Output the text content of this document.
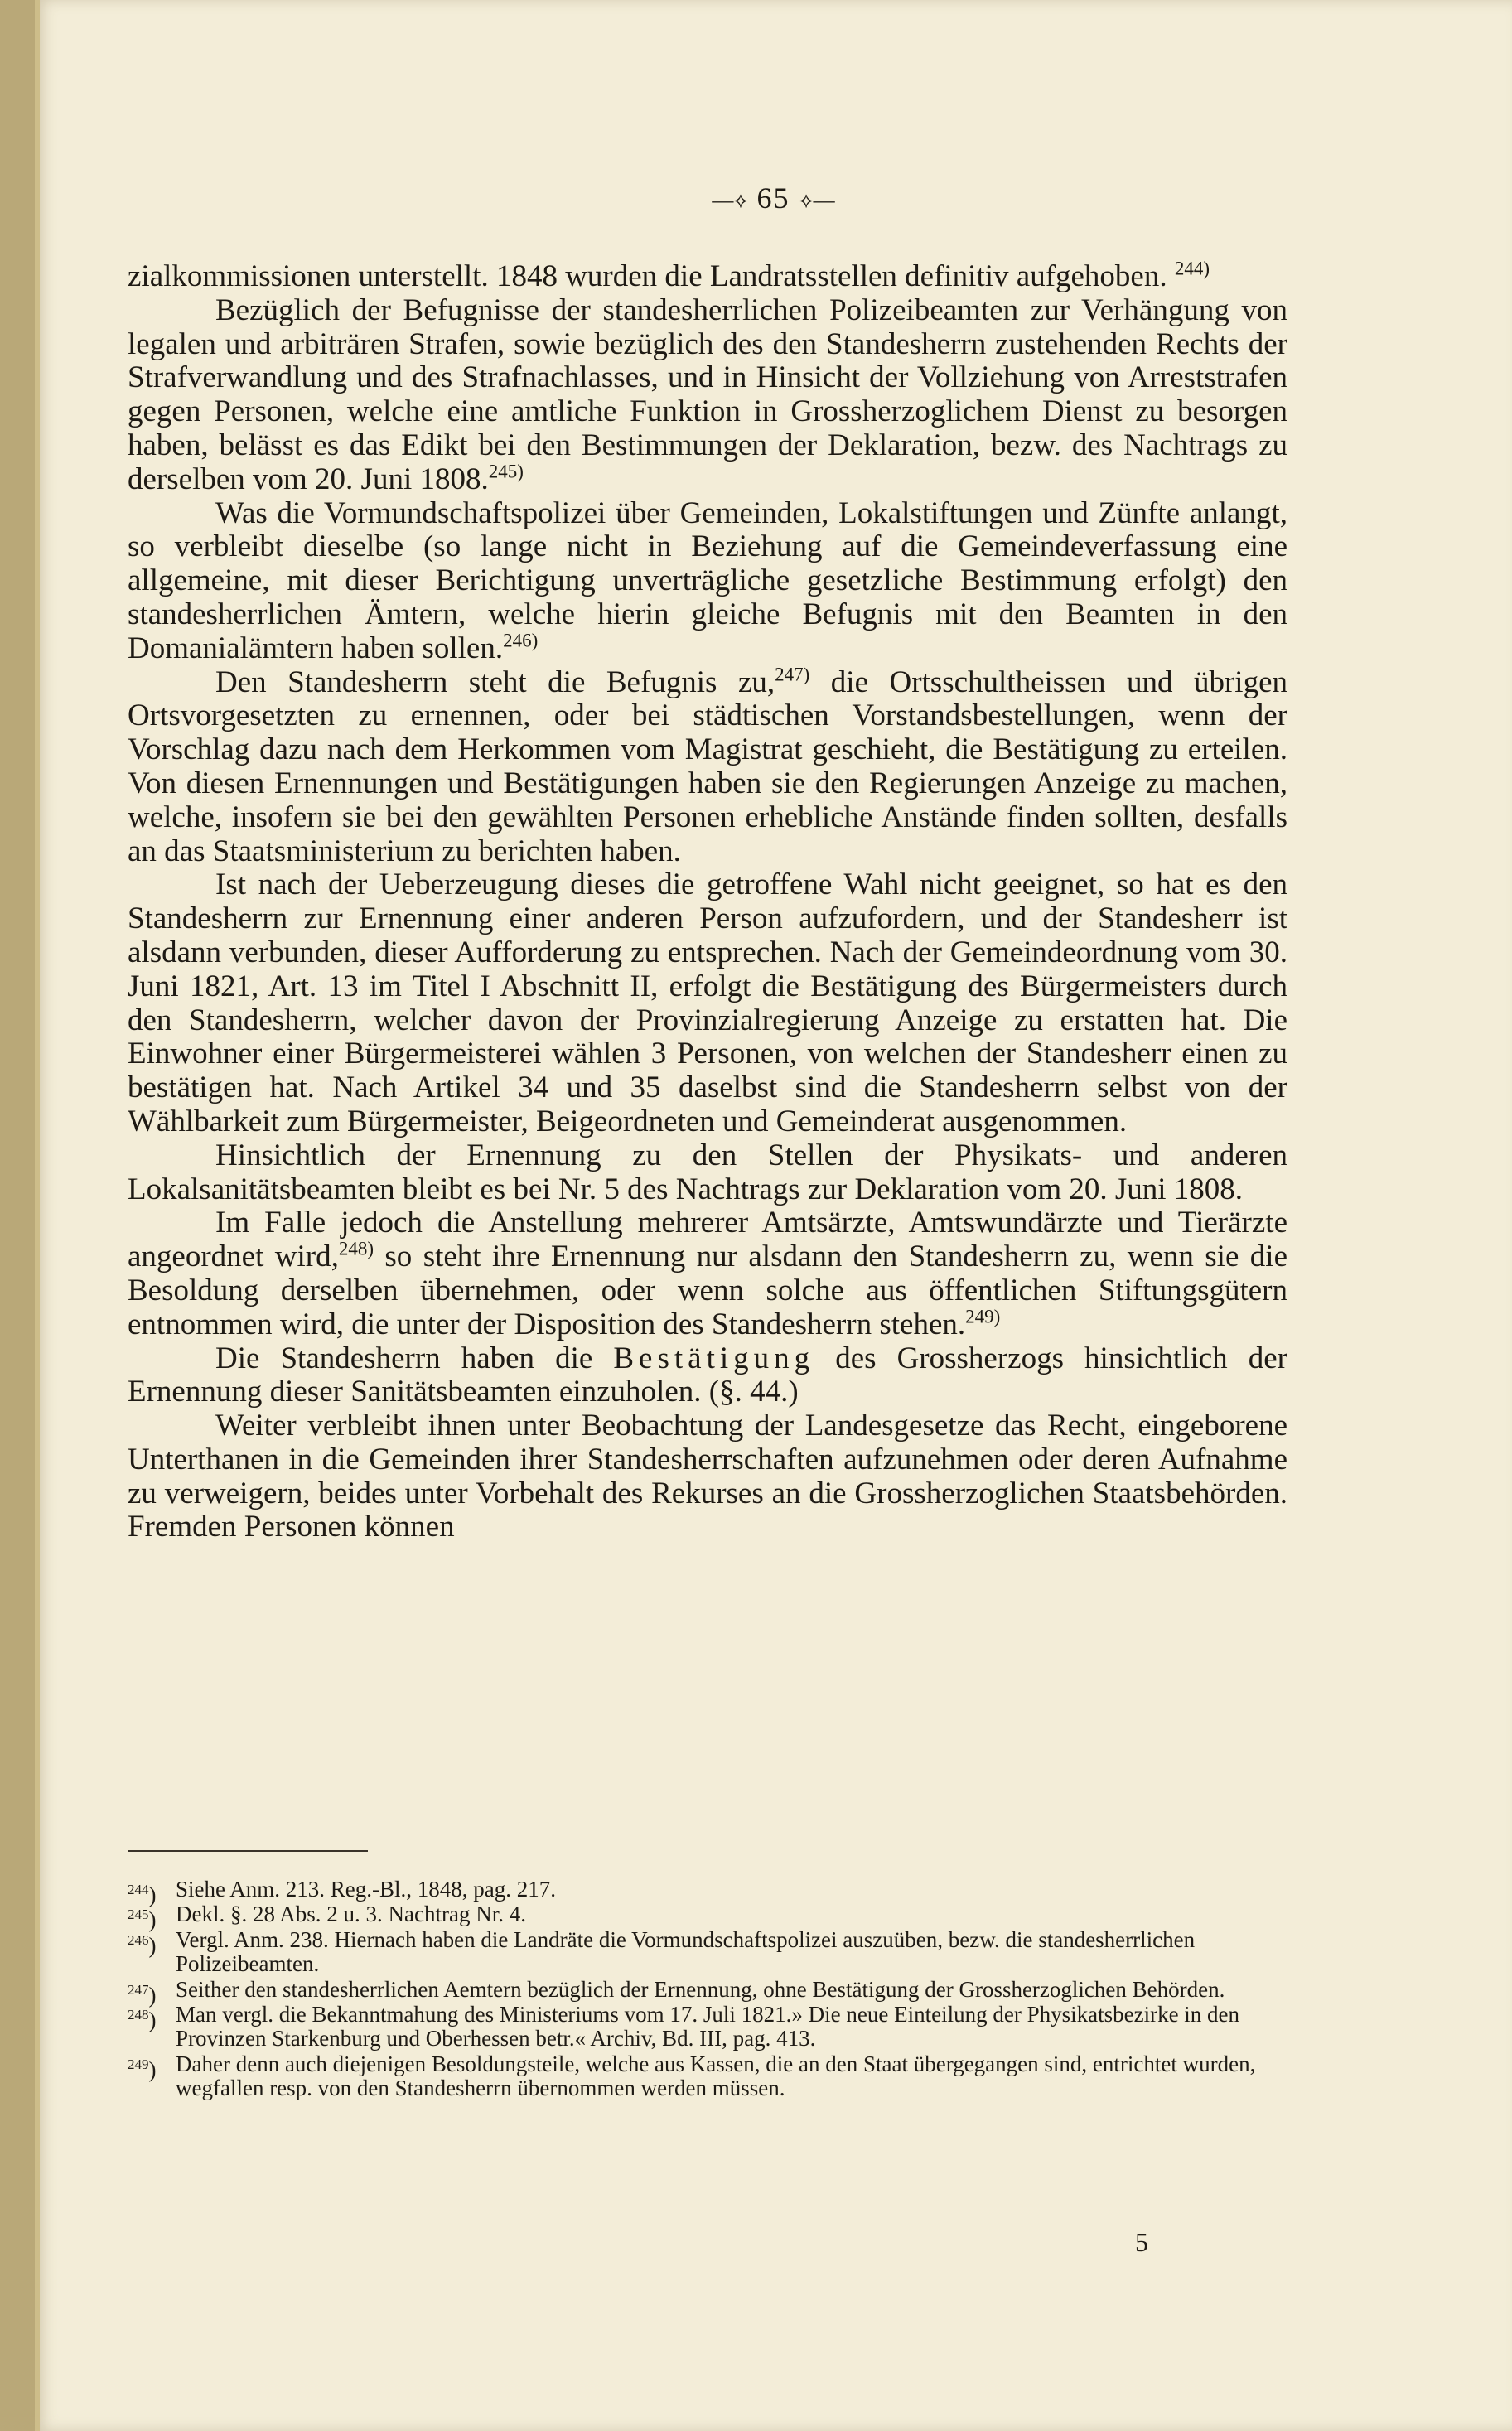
—⟡ 65 ⟡—

zialkommissionen unterstellt. 1848 wurden die Landratsstellen definitiv aufgehoben. $^{244)}$

Bezüglich der Befugnisse der standesherrlichen Polizeibeamten zur Verhängung von legalen und arbiträren Strafen, sowie bezüglich des den Standesherrn zustehenden Rechts der Strafverwandlung und des Strafnachlasses, und in Hinsicht der Vollziehung von Arreststrafen gegen Personen, welche eine amtliche Funktion in Grossherzoglichem Dienst zu besorgen haben, belässt es das Edikt bei den Bestimmungen der Deklaration, bezw. des Nachtrags zu derselben vom 20. Juni 1808.$^{245)}$

Was die Vormundschaftspolizei über Gemeinden, Lokalstiftungen und Zünfte anlangt, so verbleibt dieselbe (so lange nicht in Beziehung auf die Gemeindeverfassung eine allgemeine, mit dieser Berichtigung unverträgliche gesetzliche Bestimmung erfolgt) den standesherrlichen Ämtern, welche hierin gleiche Befugnis mit den Beamten in den Domanialämtern haben sollen.$^{246)}$

Den Standesherrn steht die Befugnis zu,$^{247)}$ die Ortsschultheissen und übrigen Ortsvorgesetzten zu ernennen, oder bei städtischen Vorstandsbestellungen, wenn der Vorschlag dazu nach dem Herkommen vom Magistrat geschieht, die Bestätigung zu erteilen. Von diesen Ernennungen und Bestätigungen haben sie den Regierungen Anzeige zu machen, welche, insofern sie bei den gewählten Personen erhebliche Anstände finden sollten, desfalls an das Staatsministerium zu berichten haben.

Ist nach der Ueberzeugung dieses die getroffene Wahl nicht geeignet, so hat es den Standesherrn zur Ernennung einer anderen Person aufzufordern, und der Standesherr ist alsdann verbunden, dieser Aufforderung zu entsprechen. Nach der Gemeindeordnung vom 30. Juni 1821, Art. 13 im Titel I Abschnitt II, erfolgt die Bestätigung des Bürgermeisters durch den Standesherrn, welcher davon der Provinzialregierung Anzeige zu erstatten hat. Die Einwohner einer Bürgermeisterei wählen 3 Personen, von welchen der Standesherr einen zu bestätigen hat. Nach Artikel 34 und 35 daselbst sind die Standesherrn selbst von der Wählbarkeit zum Bürgermeister, Beigeordneten und Gemeinderat ausgenommen.

Hinsichtlich der Ernennung zu den Stellen der Physikats- und anderen Lokalsanitätsbeamten bleibt es bei Nr. 5 des Nachtrags zur Deklaration vom 20. Juni 1808.

Im Falle jedoch die Anstellung mehrerer Amtsärzte, Amtswundärzte und Tierärzte angeordnet wird,$^{248)}$ so steht ihre Ernennung nur alsdann den Standesherrn zu, wenn sie die Besoldung derselben übernehmen, oder wenn solche aus öffentlichen Stiftungsgütern entnommen wird, die unter der Disposition des Standesherrn stehen.$^{249)}$

Die Standesherrn haben die Bestätigung des Grossherzogs hinsichtlich der Ernennung dieser Sanitätsbeamten einzuholen. (§. 44.)

Weiter verbleibt ihnen unter Beobachtung der Landesgesetze das Recht, eingeborene Unterthanen in die Gemeinden ihrer Standesherrschaften aufzunehmen oder deren Aufnahme zu verweigern, beides unter Vorbehalt des Rekurses an die Grossherzoglichen Staatsbehörden. Fremden Personen können

$^{244}$) Siehe Anm. 213. Reg.-Bl., 1848, pag. 217.
$^{245}$) Dekl. §. 28 Abs. 2 u. 3. Nachtrag Nr. 4.
$^{246}$) Vergl. Anm. 238. Hiernach haben die Landräte die Vormundschaftspolizei auszuüben, bezw. die standesherrlichen Polizeibeamten.
$^{247}$) Seither den standesherrlichen Aemtern bezüglich der Ernennung, ohne Bestätigung der Grossherzoglichen Behörden.
$^{248}$) Man vergl. die Bekanntmahung des Ministeriums vom 17. Juli 1821.» Die neue Einteilung der Physikatsbezirke in den Provinzen Starkenburg und Oberhessen betr.« Archiv, Bd. III, pag. 413.
$^{249}$) Daher denn auch diejenigen Besoldungsteile, welche aus Kassen, die an den Staat übergegangen sind, entrichtet wurden, wegfallen resp. von den Standesherrn übernommen werden müssen.
5
